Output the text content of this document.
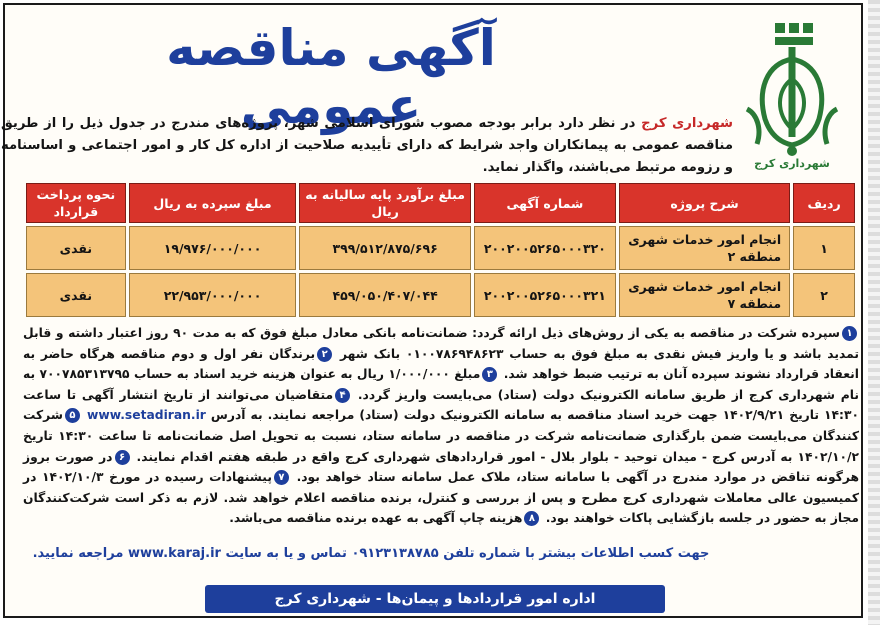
آگهی مناقصه عمومی
شهرداری کرج

شهرداری کرج در نظر دارد برابر بودجه مصوب شورای اسلامی شهر، پروژه‌های مندرج در جدول ذیل را از طریق مناقصه عمومی به پیمانکاران واجد شرایط که دارای تأییدیه صلاحیت از اداره کل کار و امور اجتماعی و اساسنامه و رزومه مرتبط می‌باشند، واگذار نماید.

ردیف	شرح پروژه	شماره آگهی	مبلغ برآورد پایه سالیانه به ریال	مبلغ سپرده به ریال	نحوه پرداخت قرارداد
۱	انجام امور خدمات شهری منطقه ۲	۲۰۰۲۰۰۵۲۶۵۰۰۰۳۲۰	۳۹۹/۵۱۲/۸۷۵/۶۹۶	۱۹/۹۷۶/۰۰۰/۰۰۰	نقدی
۲	انجام امور خدمات شهری منطقه ۷	۲۰۰۲۰۰۵۲۶۵۰۰۰۳۲۱	۴۵۹/۰۵۰/۴۰۷/۰۴۴	۲۲/۹۵۳/۰۰۰/۰۰۰	نقدی

۱سپرده شرکت در مناقصه به یکی از روش‌های ذیل ارائه گردد: ضمانت‌نامه بانکی معادل مبلغ فوق که به مدت ۹۰ روز اعتبار داشته و قابل تمدید باشد و یا واریز فیش نقدی به مبلغ فوق به حساب ۰۱۰۰۷۸۶۹۴۸۶۲۳ بانک شهر ۲برندگان نفر اول و دوم مناقصه هرگاه حاضر به انعقاد قرارداد نشوند سپرده آنان به ترتیب ضبط خواهد شد. ۳مبلغ ۱/۰۰۰/۰۰۰ ریال به عنوان هزینه خرید اسناد به حساب ۷۰۰۷۸۵۳۱۳۷۹۵ به نام شهرداری کرج از طریق سامانه الکترونیک دولت (ستاد) می‌بایست واریز گردد. ۴متقاضیان می‌توانند از تاریخ انتشار آگهی تا ساعت ۱۴:۳۰ تاریخ ۱۴۰۲/۹/۲۱ جهت خرید اسناد مناقصه به سامانه الکترونیک دولت (ستاد) مراجعه نمایند. به آدرس www.setadiran.ir ۵شرکت کنندگان می‌بایست ضمن بارگذاری ضمانت‌نامه شرکت در مناقصه در سامانه ستاد، نسبت به تحویل اصل ضمانت‌نامه تا ساعت ۱۴:۳۰ تاریخ ۱۴۰۲/۱۰/۲ به آدرس کرج - میدان توحید - بلوار بلال - امور قراردادهای شهرداری کرج واقع در طبقه هفتم اقدام نمایند. ۶در صورت بروز هرگونه تناقض در موارد مندرج در آگهی با سامانه ستاد، ملاک عمل سامانه ستاد خواهد بود. ۷پیشنهادات رسیده در مورخ ۱۴۰۲/۱۰/۳ در کمیسیون عالی معاملات شهرداری کرج مطرح و پس از بررسی و کنترل، برنده مناقصه اعلام خواهد شد. لازم به ذکر است شرکت‌کنندگان مجاز به حضور در جلسه بازگشایی پاکات خواهند بود. ۸هزینه چاپ آگهی به عهده برنده مناقصه می‌باشد.

جهت کسب اطلاعات بیشتر با شماره تلفن ۰۹۱۲۳۱۳۸۷۸۵ تماس و یا به سایت www.karaj.ir مراجعه نمایید.

اداره امور قراردادها و پیمان‌ها - شهرداری کرج
